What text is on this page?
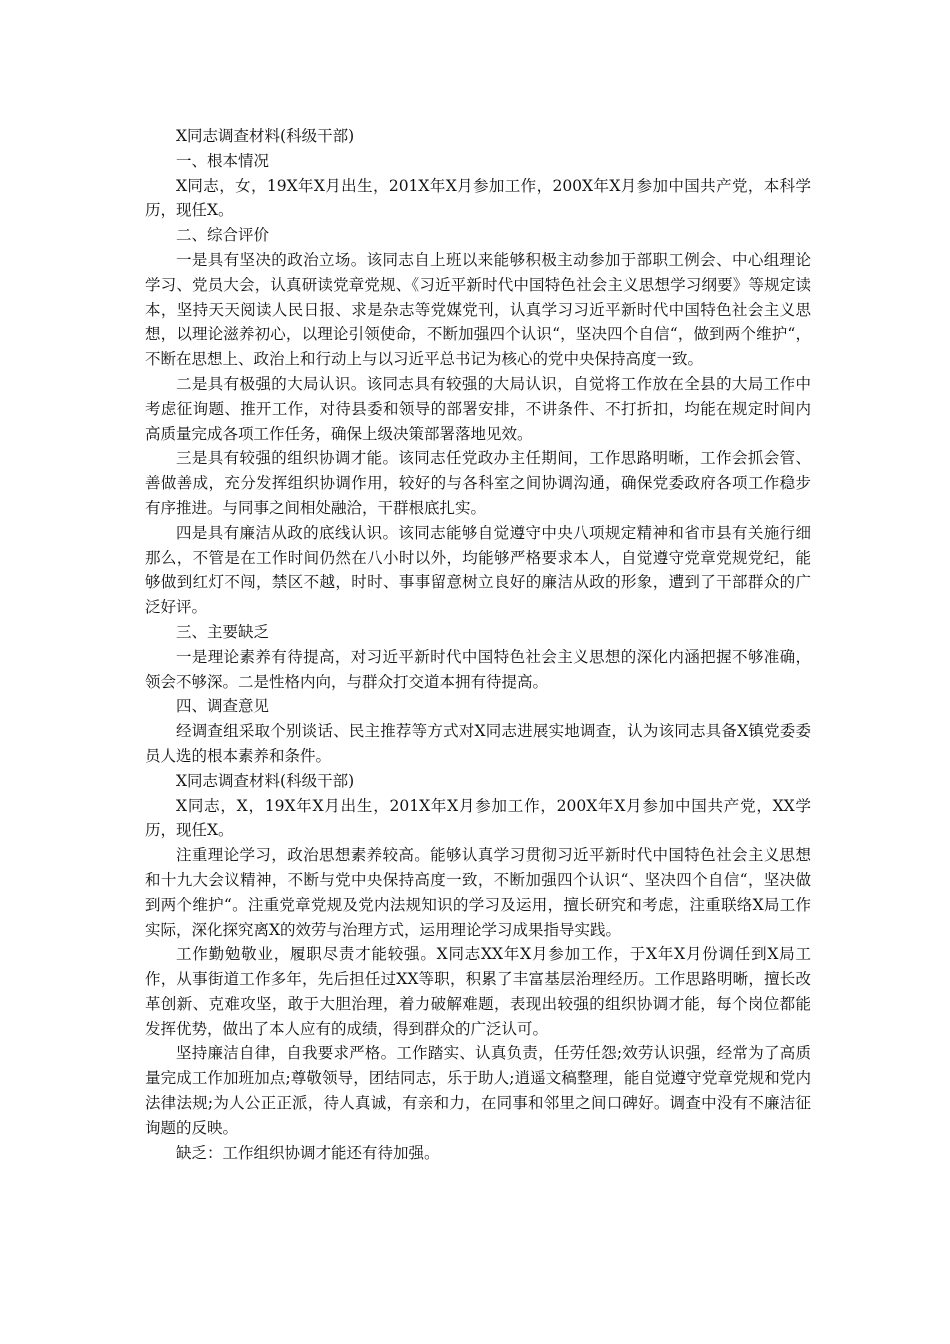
X同志调查材料(科级干部)

一、根本情况

X同志，女，19X年X月出生，201X年X月参加工作，200X年X月参加中国共产党，本科学历，现任X。

二、综合评价

一是具有坚决的政治立场。该同志自上班以来能够积极主动参加于部职工例会、中心组理论学习、党员大会，认真研读党章党规、《习近平新时代中国特色社会主义思想学习纲要》等规定读本，坚持天天阅读人民日报、求是杂志等党媒党刊，认真学习习近平新时代中国特色社会主义思想，以理论滋养初心，以理论引领使命，不断加强四个认识“，坚决四个自信“，做到两个维护“，不断在思想上、政治上和行动上与以习近平总书记为核心的党中央保持高度一致。

二是具有极强的大局认识。该同志具有较强的大局认识，自觉将工作放在全县的大局工作中考虑征询题、推开工作，对待县委和领导的部署安排，不讲条件、不打折扣，均能在规定时间内高质量完成各项工作任务，确保上级决策部署落地见效。

三是具有较强的组织协调才能。该同志任党政办主任期间，工作思路明晰，工作会抓会管、善做善成，充分发挥组织协调作用，较好的与各科室之间协调沟通，确保党委政府各项工作稳步有序推进。与同事之间相处融洽，干群根底扎实。

四是具有廉洁从政的底线认识。该同志能够自觉遵守中央八项规定精神和省市县有关施行细那么，不管是在工作时间仍然在八小时以外，均能够严格要求本人，自觉遵守党章党规党纪，能够做到红灯不闯，禁区不越，时时、事事留意树立良好的廉洁从政的形象，遭到了干部群众的广泛好评。

三、主要缺乏

一是理论素养有待提高，对习近平新时代中国特色社会主义思想的深化内涵把握不够准确，领会不够深。二是性格内向，与群众打交道本拥有待提高。

四、调查意见

经调查组采取个别谈话、民主推荐等方式对X同志进展实地调查，认为该同志具备X镇党委委员人选的根本素养和条件。

X同志调查材料(科级干部)

X同志，X，19X年X月出生，201X年X月参加工作，200X年X月参加中国共产党，XX学历，现任X。

注重理论学习，政治思想素养较高。能够认真学习贯彻习近平新时代中国特色社会主义思想和十九大会议精神，不断与党中央保持高度一致，不断加强四个认识“、坚决四个自信“，坚决做到两个维护“。注重党章党规及党内法规知识的学习及运用，擅长研究和考虑，注重联络X局工作实际，深化探究离X的效劳与治理方式，运用理论学习成果指导实践。

工作勤勉敬业，履职尽责才能较强。X同志XX年X月参加工作，于X年X月份调任到X局工作，从事街道工作多年，先后担任过XX等职，积累了丰富基层治理经历。工作思路明晰，擅长改革创新、克难攻坚，敢于大胆治理，着力破解难题，表现出较强的组织协调才能，每个岗位都能发挥优势，做出了本人应有的成绩，得到群众的广泛认可。

坚持廉洁自律，自我要求严格。工作踏实、认真负责，任劳任怨;效劳认识强，经常为了高质量完成工作加班加点;尊敬领导，团结同志，乐于助人;逍遥文稿整理，能自觉遵守党章党规和党内法律法规;为人公正正派，待人真诚，有亲和力，在同事和邻里之间口碑好。调查中没有不廉洁征询题的反映。

缺乏：工作组织协调才能还有待加强。
